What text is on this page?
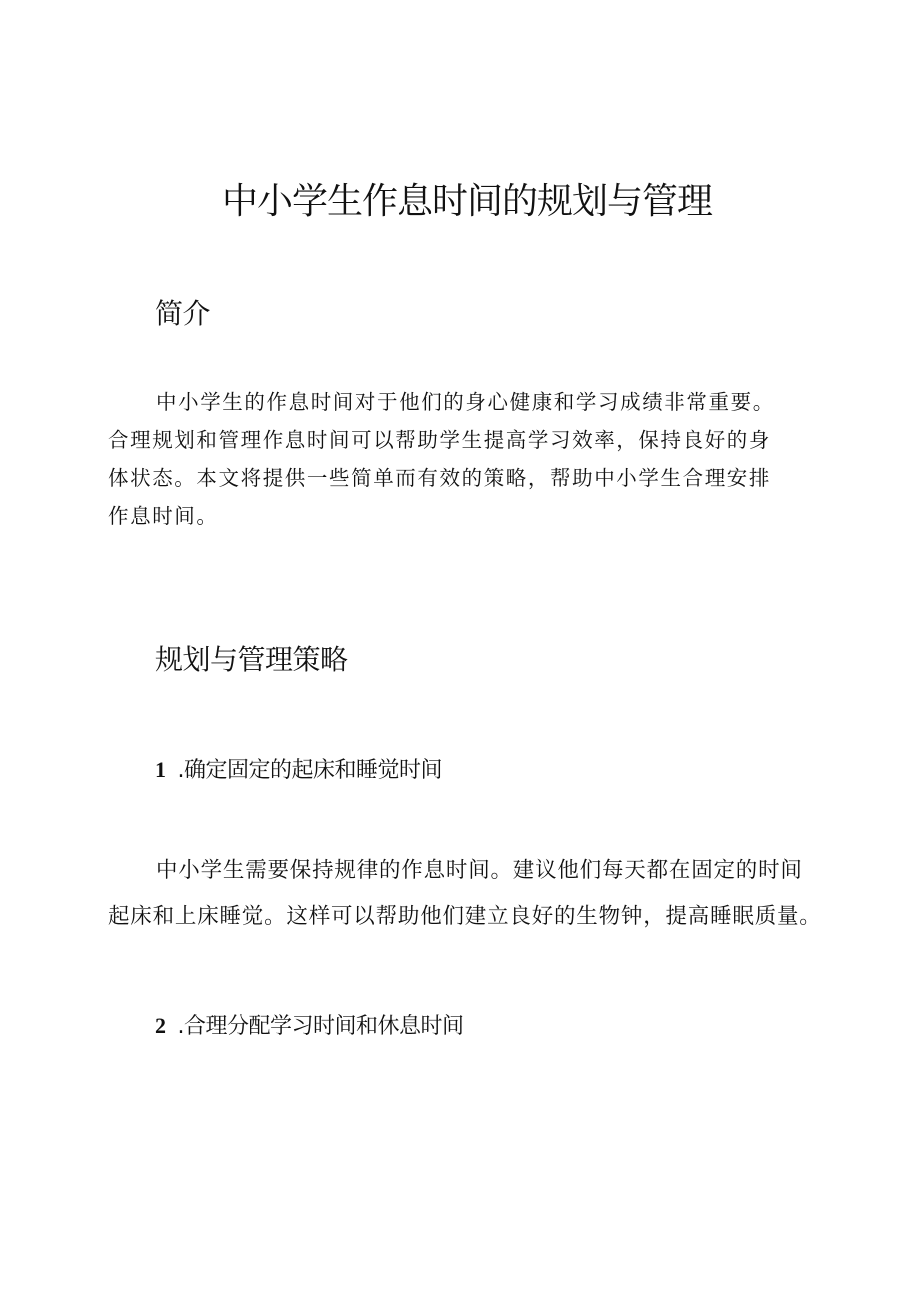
中小学生作息时间的规划与管理
简介
中小学生的作息时间对于他们的身心健康和学习成绩非常重要。
合理规划和管理作息时间可以帮助学生提高学习效率，保持良好的身
体状态。本文将提供一些简单而有效的策略，帮助中小学生合理安排
作息时间。
规划与管理策略
1 .确定固定的起床和睡觉时间
中小学生需要保持规律的作息时间。建议他们每天都在固定的时间
起床和上床睡觉。这样可以帮助他们建立良好的生物钟，提高睡眠质量。
2 .合理分配学习时间和休息时间
